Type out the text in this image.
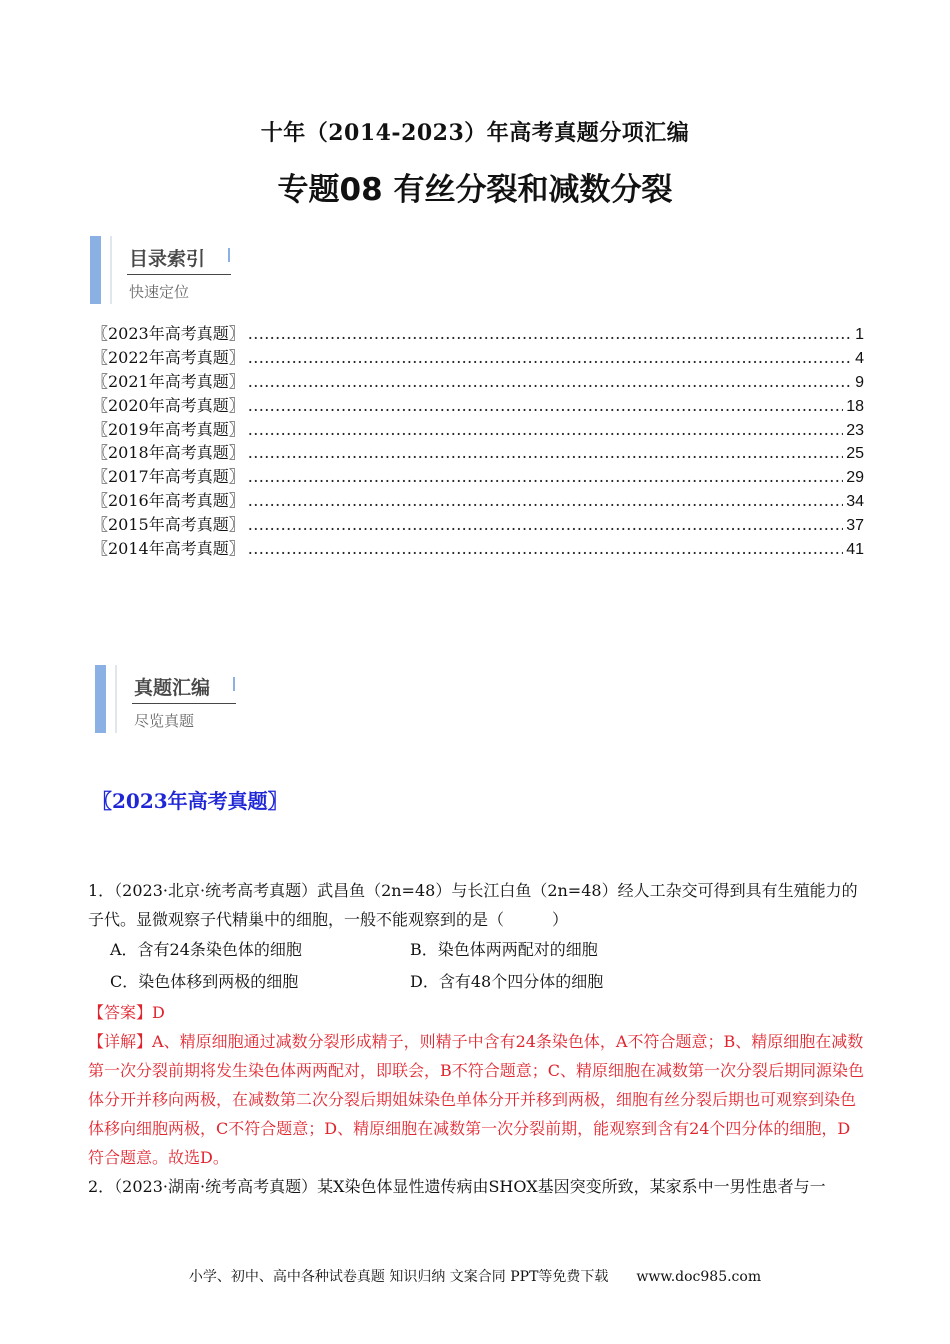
十年（2014-2023）年高考真题分项汇编
专题08 有丝分裂和减数分裂
目录索引
快速定位
〖2023年高考真题〗 .....	1
〖2022年高考真题〗 .....	4
〖2021年高考真题〗 .....	9
〖2020年高考真题〗 .....	18
〖2019年高考真题〗 .....	23
〖2018年高考真题〗 .....	25
〖2017年高考真题〗 .....	29
〖2016年高考真题〗 .....	34
〖2015年高考真题〗 .....	37
〖2014年高考真题〗 .....	41
真题汇编
尽览真题
〖2023年高考真题〗
1．（2023·北京·统考高考真题）武昌鱼（2n=48）与长江白鱼（2n=48）经人工杂交可得到具有生殖能力的子代。显微观察子代精巢中的细胞，一般不能观察到的是（　　　）
A．含有24条染色体的细胞	B．染色体两两配对的细胞
C．染色体移到两极的细胞	D．含有48个四分体的细胞
【答案】D
【详解】A、精原细胞通过减数分裂形成精子，则精子中含有24条染色体，A不符合题意；B、精原细胞在减数第一次分裂前期将发生染色体两两配对，即联会，B不符合题意；C、精原细胞在减数第一次分裂后期同源染色体分开并移向两极，在减数第二次分裂后期姐妹染色单体分开并移到两极，细胞有丝分裂后期也可观察到染色体移向细胞两极，C不符合题意；D、精原细胞在减数第一次分裂前期，能观察到含有24个四分体的细胞，D符合题意。故选D。
2．（2023·湖南·统考高考真题）某X染色体显性遗传病由SHOX基因突变所致，某家系中一男性患者与一
小学、初中、高中各种试卷真题 知识归纳 文案合同 PPT等免费下载　　www.doc985.com
